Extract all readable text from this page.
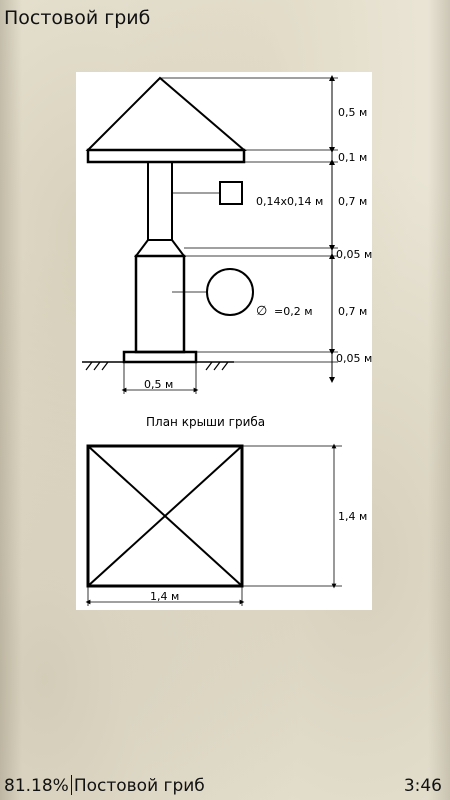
Постовой гриб
0,5 м
0,1 м
0,14х0,14 м 0,7 м
0,05 м
∅ =0,2 м 0,7 м
0,05 м
0,5 м
План крыши гриба
1,4 м
1,4 м
81.18% Постовой гриб	3:46
